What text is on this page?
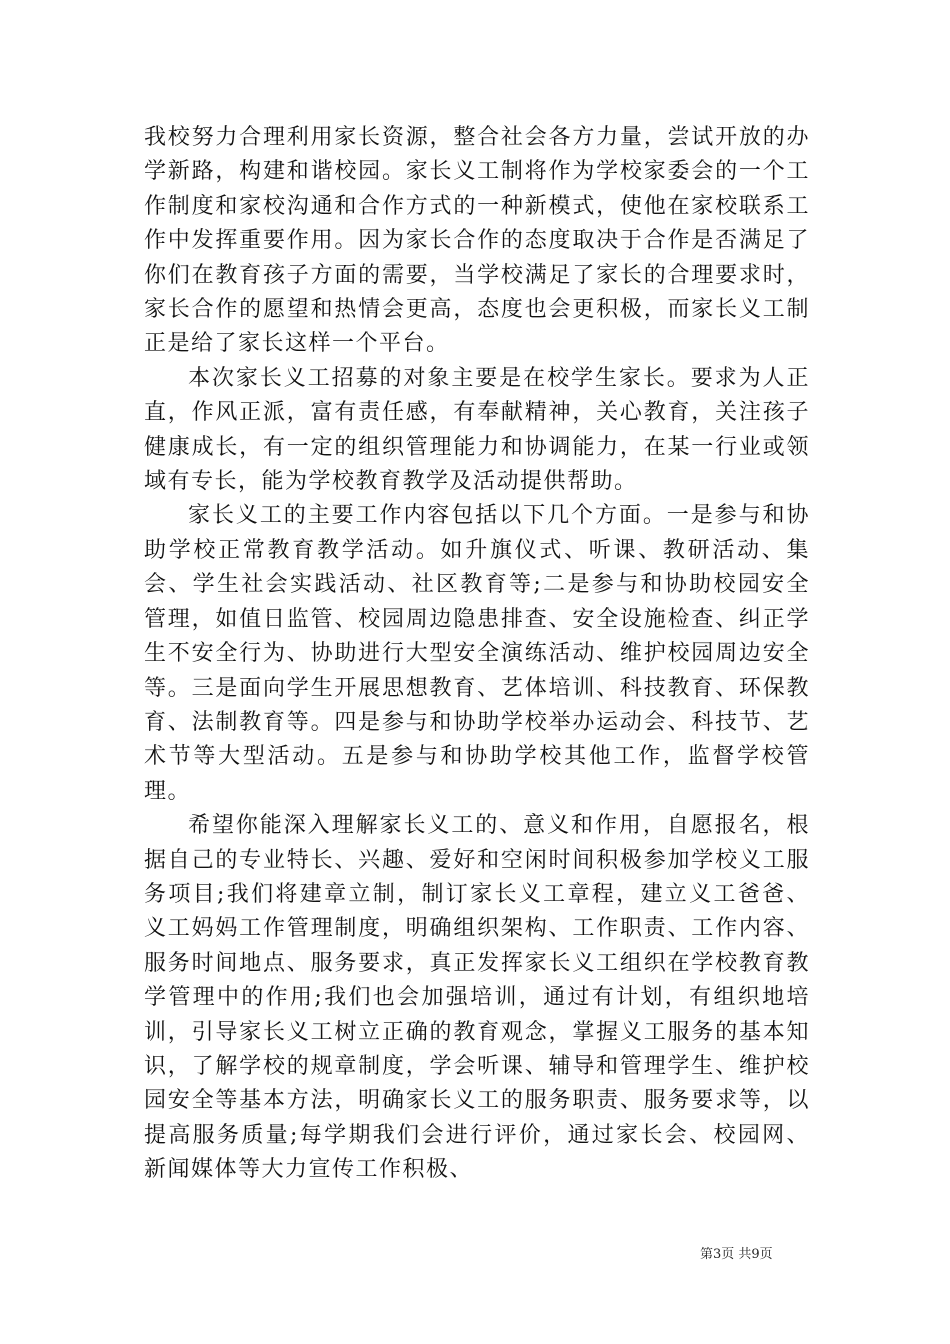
我校努力合理利用家长资源，整合社会各方力量，尝试开放的办学新路，构建和谐校园。家长义工制将作为学校家委会的一个工作制度和家校沟通和合作方式的一种新模式，使他在家校联系工作中发挥重要作用。因为家长合作的态度取决于合作是否满足了你们在教育孩子方面的需要，当学校满足了家长的合理要求时，家长合作的愿望和热情会更高，态度也会更积极，而家长义工制正是给了家长这样一个平台。

本次家长义工招募的对象主要是在校学生家长。要求为人正直，作风正派，富有责任感，有奉献精神，关心教育，关注孩子健康成长，有一定的组织管理能力和协调能力，在某一行业或领域有专长，能为学校教育教学及活动提供帮助。

家长义工的主要工作内容包括以下几个方面。一是参与和协助学校正常教育教学活动。如升旗仪式、听课、教研活动、集会、学生社会实践活动、社区教育等;二是参与和协助校园安全管理，如值日监管、校园周边隐患排查、安全设施检查、纠正学生不安全行为、协助进行大型安全演练活动、维护校园周边安全等。三是面向学生开展思想教育、艺体培训、科技教育、环保教育、法制教育等。四是参与和协助学校举办运动会、科技节、艺术节等大型活动。五是参与和协助学校其他工作，监督学校管理。

希望你能深入理解家长义工的、意义和作用，自愿报名，根据自己的专业特长、兴趣、爱好和空闲时间积极参加学校义工服务项目;我们将建章立制，制订家长义工章程，建立义工爸爸、义工妈妈工作管理制度，明确组织架构、工作职责、工作内容、服务时间地点、服务要求，真正发挥家长义工组织在学校教育教学管理中的作用;我们也会加强培训，通过有计划，有组织地培训，引导家长义工树立正确的教育观念，掌握义工服务的基本知识，了解学校的规章制度，学会听课、辅导和管理学生、维护校园安全等基本方法，明确家长义工的服务职责、服务要求等，以提高服务质量;每学期我们会进行评价，通过家长会、校园网、新闻媒体等大力宣传工作积极、

第3页 共9页
